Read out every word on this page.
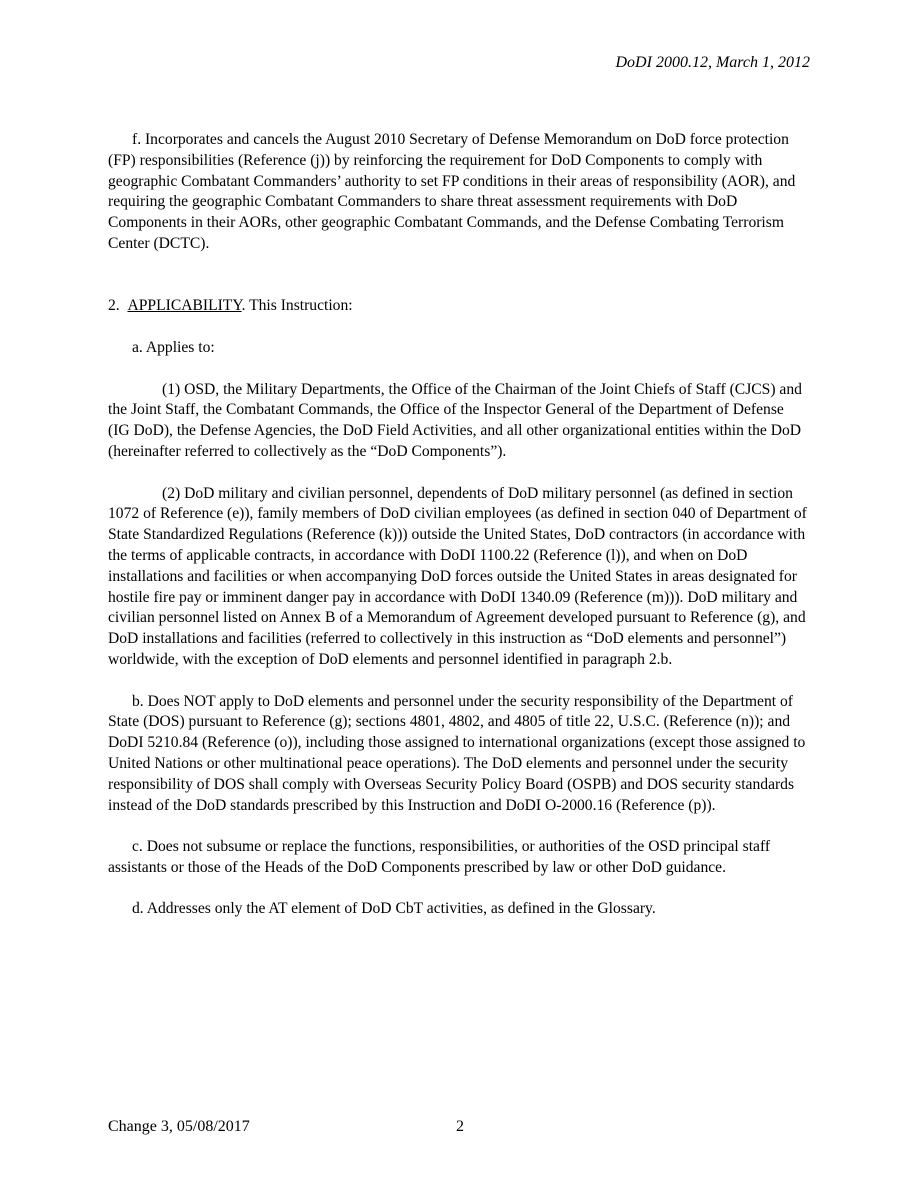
DoDI 2000.12, March 1, 2012

f. Incorporates and cancels the August 2010 Secretary of Defense Memorandum on DoD force protection (FP) responsibilities (Reference (j)) by reinforcing the requirement for DoD Components to comply with geographic Combatant Commanders’ authority to set FP conditions in their areas of responsibility (AOR), and requiring the geographic Combatant Commanders to share threat assessment requirements with DoD Components in their AORs, other geographic Combatant Commands, and the Defense Combating Terrorism Center (DCTC).

2. APPLICABILITY. This Instruction:

a. Applies to:

(1) OSD, the Military Departments, the Office of the Chairman of the Joint Chiefs of Staff (CJCS) and the Joint Staff, the Combatant Commands, the Office of the Inspector General of the Department of Defense (IG DoD), the Defense Agencies, the DoD Field Activities, and all other organizational entities within the DoD (hereinafter referred to collectively as the “DoD Components”).

(2) DoD military and civilian personnel, dependents of DoD military personnel (as defined in section 1072 of Reference (e)), family members of DoD civilian employees (as defined in section 040 of Department of State Standardized Regulations (Reference (k))) outside the United States, DoD contractors (in accordance with the terms of applicable contracts, in accordance with DoDI 1100.22 (Reference (l)), and when on DoD installations and facilities or when accompanying DoD forces outside the United States in areas designated for hostile fire pay or imminent danger pay in accordance with DoDI 1340.09 (Reference (m))). DoD military and civilian personnel listed on Annex B of a Memorandum of Agreement developed pursuant to Reference (g), and DoD installations and facilities (referred to collectively in this instruction as “DoD elements and personnel”) worldwide, with the exception of DoD elements and personnel identified in paragraph 2.b.

b. Does NOT apply to DoD elements and personnel under the security responsibility of the Department of State (DOS) pursuant to Reference (g); sections 4801, 4802, and 4805 of title 22, U.S.C. (Reference (n)); and DoDI 5210.84 (Reference (o)), including those assigned to international organizations (except those assigned to United Nations or other multinational peace operations). The DoD elements and personnel under the security responsibility of DOS shall comply with Overseas Security Policy Board (OSPB) and DOS security standards instead of the DoD standards prescribed by this Instruction and DoDI O-2000.16 (Reference (p)).

c. Does not subsume or replace the functions, responsibilities, or authorities of the OSD principal staff assistants or those of the Heads of the DoD Components prescribed by law or other DoD guidance.

d. Addresses only the AT element of DoD CbT activities, as defined in the Glossary.

Change 3, 05/08/2017	2
